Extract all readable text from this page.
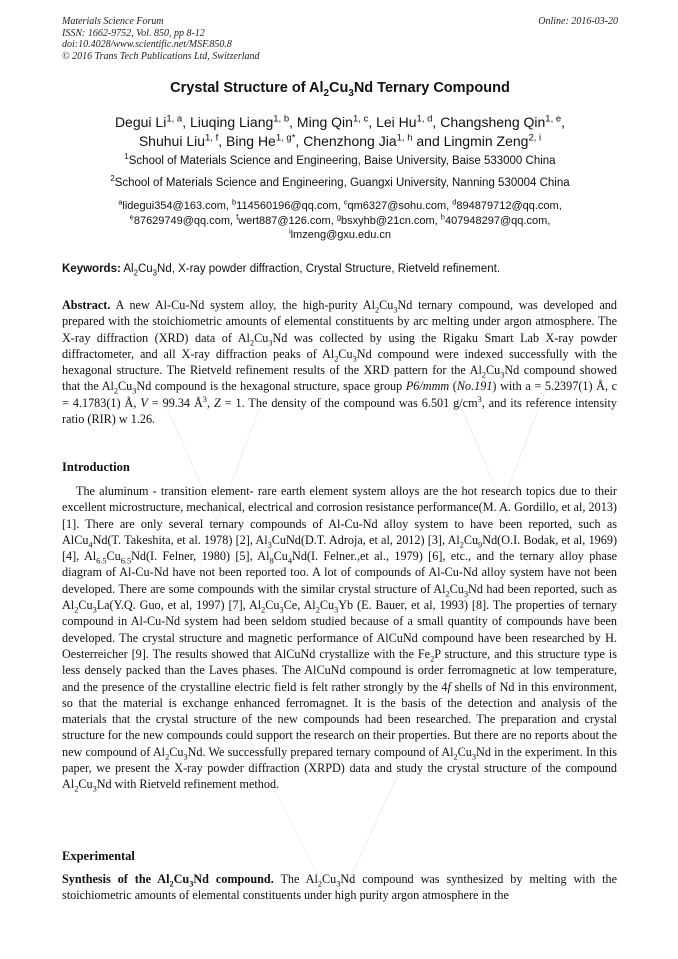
Materials Science Forum
ISSN: 1662-9752, Vol. 850, pp 8-12
doi:10.4028/www.scientific.net/MSF.850.8
© 2016 Trans Tech Publications Ltd, Switzerland
Online: 2016-03-20
Crystal Structure of $Al_2Cu_3Nd$ Ternary Compound
Degui Li$^{1, a}$, Liuqing Liang$^{1, b}$, Ming Qin$^{1, c}$, Lei Hu$^{1, d}$, Changsheng Qin$^{1, e}$,
Shuhui Liu$^{1, f}$, Bing $He^{1, g*}$, Chenzhong Jia$^{1, h}$ and Lingmin Zeng$^{2, i}$
$^1$School of Materials Science and Engineering, Baise University, Baise 533000 China
$^2$School of Materials Science and Engineering, Guangxi University, Nanning 530004 China
$^a$lidegui354@163.com, $^b$114560196@qq.com, $^c$qm6327@sohu.com, $^d$894879712@qq.com,
$^e$87629749@qq.com, $^f$wert887@126.com, $^g$bsxyhb@21cn.com, $^h$407948297@qq.com,
$^i$lmzeng@gxu.edu.cn
Keywords: $Al_2Cu_3Nd$, X-ray powder diffraction, Crystal Structure, Rietveld refinement.
Abstract. A new Al-Cu-Nd system alloy, the high-purity $Al_2Cu_3Nd$ ternary compound, was developed and prepared with the stoichiometric amounts of elemental constituents by arc melting under argon atmosphere. The X-ray diffraction (XRD) data of $Al_2Cu_3Nd$ was collected by using the Rigaku Smart Lab X-ray powder diffractometer, and all X-ray diffraction peaks of $Al_2Cu_3Nd$ compound were indexed successfully with the hexagonal structure. The Rietveld refinement results of the XRD pattern for the $Al_2Cu_3Nd$ compound showed that the $Al_2Cu_3Nd$ compound is the hexagonal structure, space group P6/mmm (No.191) with a = 5.2397(1) Å, c = 4.1783(1) Å, V = 99.34 $Å^3$, Z = 1. The density of the compound was 6.501 $g/cm^3$, and its reference intensity ratio (RIR) w 1.26.
Introduction
The aluminum - transition element- rare earth element system alloys are the hot research topics due to their excellent microstructure, mechanical, electrical and corrosion resistance performance(M. A. Gordillo, et al, 2013) [1]. There are only several ternary compounds of Al-Cu-Nd alloy system to have been reported, such as AlCu$_4$Nd(T. Takeshita, et al. 1978) [2], $Al_3CuNd(D.T$. Adroja, et al, 2012) [3], $Al_2Cu_9Nd(O.I$. Bodak, et al, 1969) [4], $Al_{6.5}Cu_{6.5}Nd(I$. Felner, 1980) [5], $Al_8Cu_4Nd(I$. Felner.,et al., 1979) [6], etc., and the ternary alloy phase diagram of Al-Cu-Nd have not been reported too. A lot of compounds of Al-Cu-Nd alloy system have not been developed. There are some compounds with the similar crystal structure of $Al_2Cu_3Nd$ had been reported, such as $Al_2Cu_3La(Y.Q$. Guo, et al, 1997) [7], $Al_2Cu_3Ce$, $Al_2Cu_3Yb$ (E. Bauer, et al, 1993) [8]. The properties of ternary compound in Al-Cu-Nd system had been seldom studied because of a small quantity of compounds have been developed. The crystal structure and magnetic performance of AlCuNd compound have been researched by H. Oesterreicher [9]. The results showed that AlCuNd crystallize with the $Fe_2P$ structure, and this structure type is less densely packed than the Laves phases. The AlCuNd compound is order ferromagnetic at low temperature, and the presence of the crystalline electric field is felt rather strongly by the 4f shells of Nd in this environment, so that the material is exchange enhanced ferromagnet. It is the basis of the detection and analysis of the materials that the crystal structure of the new compounds had been researched. The preparation and crystal structure for the new compounds could support the research on their properties. But there are no reports about the new compound of $Al_2Cu_3Nd$. We successfully prepared ternary compound of $Al_2Cu_3Nd$ in the experiment. In this paper, we present the X-ray powder diffraction (XRPD) data and study the crystal structure of the compound $Al_2Cu_3Nd$ with Rietveld refinement method.
Experimental
Synthesis of the $Al_2Cu_3Nd$ compound. The $Al_2Cu_3Nd$ compound was synthesized by melting with the stoichiometric amounts of elemental constituents under high purity argon atmosphere in the
